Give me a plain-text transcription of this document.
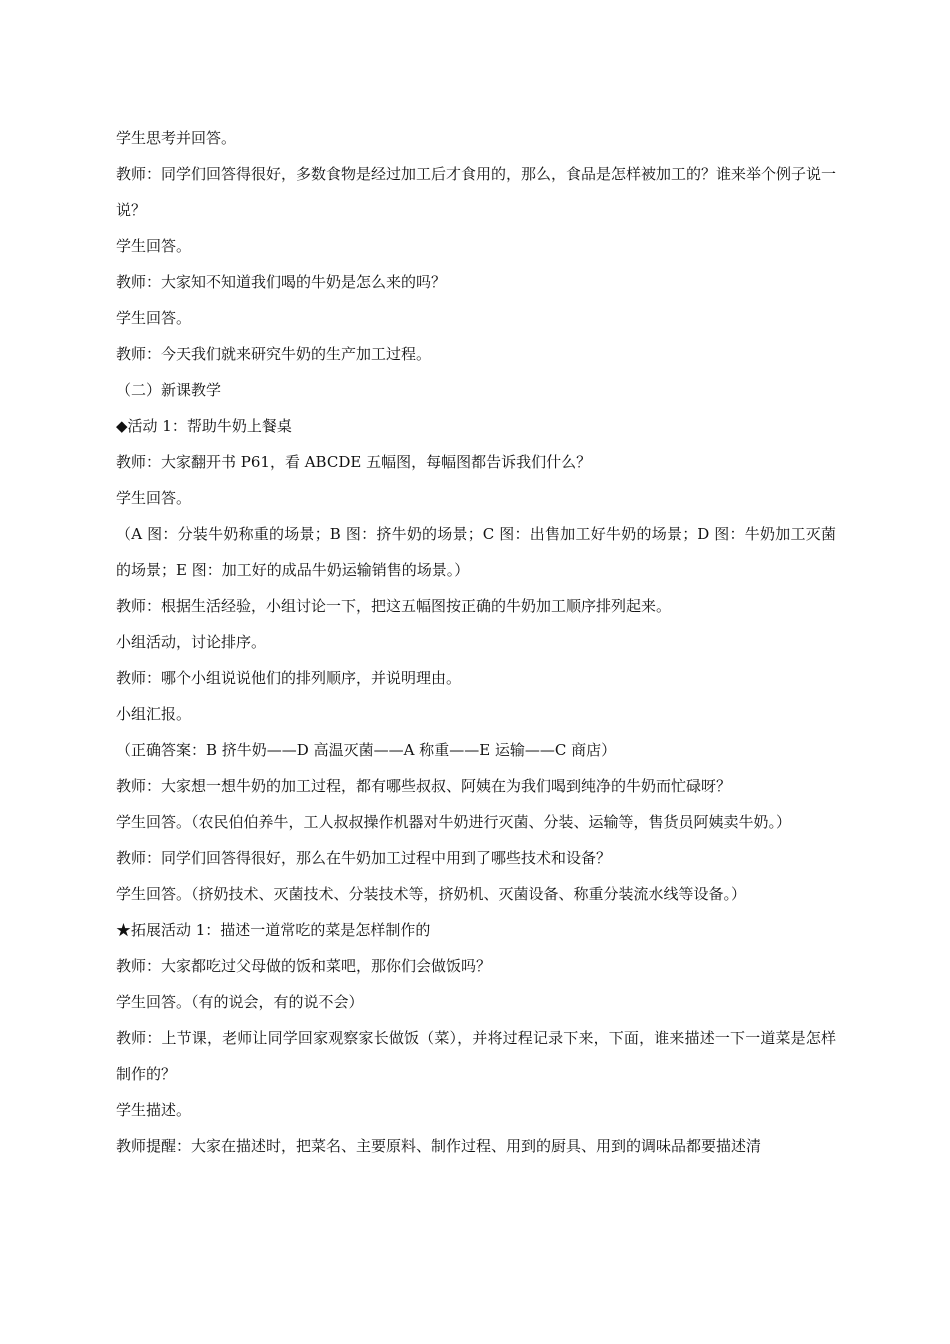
学生思考并回答。
教师：同学们回答得很好，多数食物是经过加工后才食用的，那么，食品是怎样被加工的？谁来举个例子说一说？
学生回答。
教师：大家知不知道我们喝的牛奶是怎么来的吗？
学生回答。
教师：今天我们就来研究牛奶的生产加工过程。
（二）新课教学
◆活动 1：帮助牛奶上餐桌
教师：大家翻开书 P61，看 ABCDE 五幅图，每幅图都告诉我们什么？
学生回答。
（A 图：分装牛奶称重的场景；B 图：挤牛奶的场景；C 图：出售加工好牛奶的场景；D 图：牛奶加工灭菌的场景；E 图：加工好的成品牛奶运输销售的场景。）
教师：根据生活经验，小组讨论一下，把这五幅图按正确的牛奶加工顺序排列起来。
小组活动，讨论排序。
教师：哪个小组说说他们的排列顺序，并说明理由。
小组汇报。
（正确答案：B 挤牛奶——D 高温灭菌——A 称重——E 运输——C 商店）
教师：大家想一想牛奶的加工过程，都有哪些叔叔、阿姨在为我们喝到纯净的牛奶而忙碌呀？
学生回答。（农民伯伯养牛，工人叔叔操作机器对牛奶进行灭菌、分装、运输等，售货员阿姨卖牛奶。）
教师：同学们回答得很好，那么在牛奶加工过程中用到了哪些技术和设备？
学生回答。（挤奶技术、灭菌技术、分装技术等，挤奶机、灭菌设备、称重分装流水线等设备。）
★拓展活动 1：描述一道常吃的菜是怎样制作的
教师：大家都吃过父母做的饭和菜吧，那你们会做饭吗？
学生回答。（有的说会，有的说不会）
教师：上节课，老师让同学回家观察家长做饭（菜），并将过程记录下来，下面，谁来描述一下一道菜是怎样制作的？
学生描述。
教师提醒：大家在描述时，把菜名、主要原料、制作过程、用到的厨具、用到的调味品都要描述清
